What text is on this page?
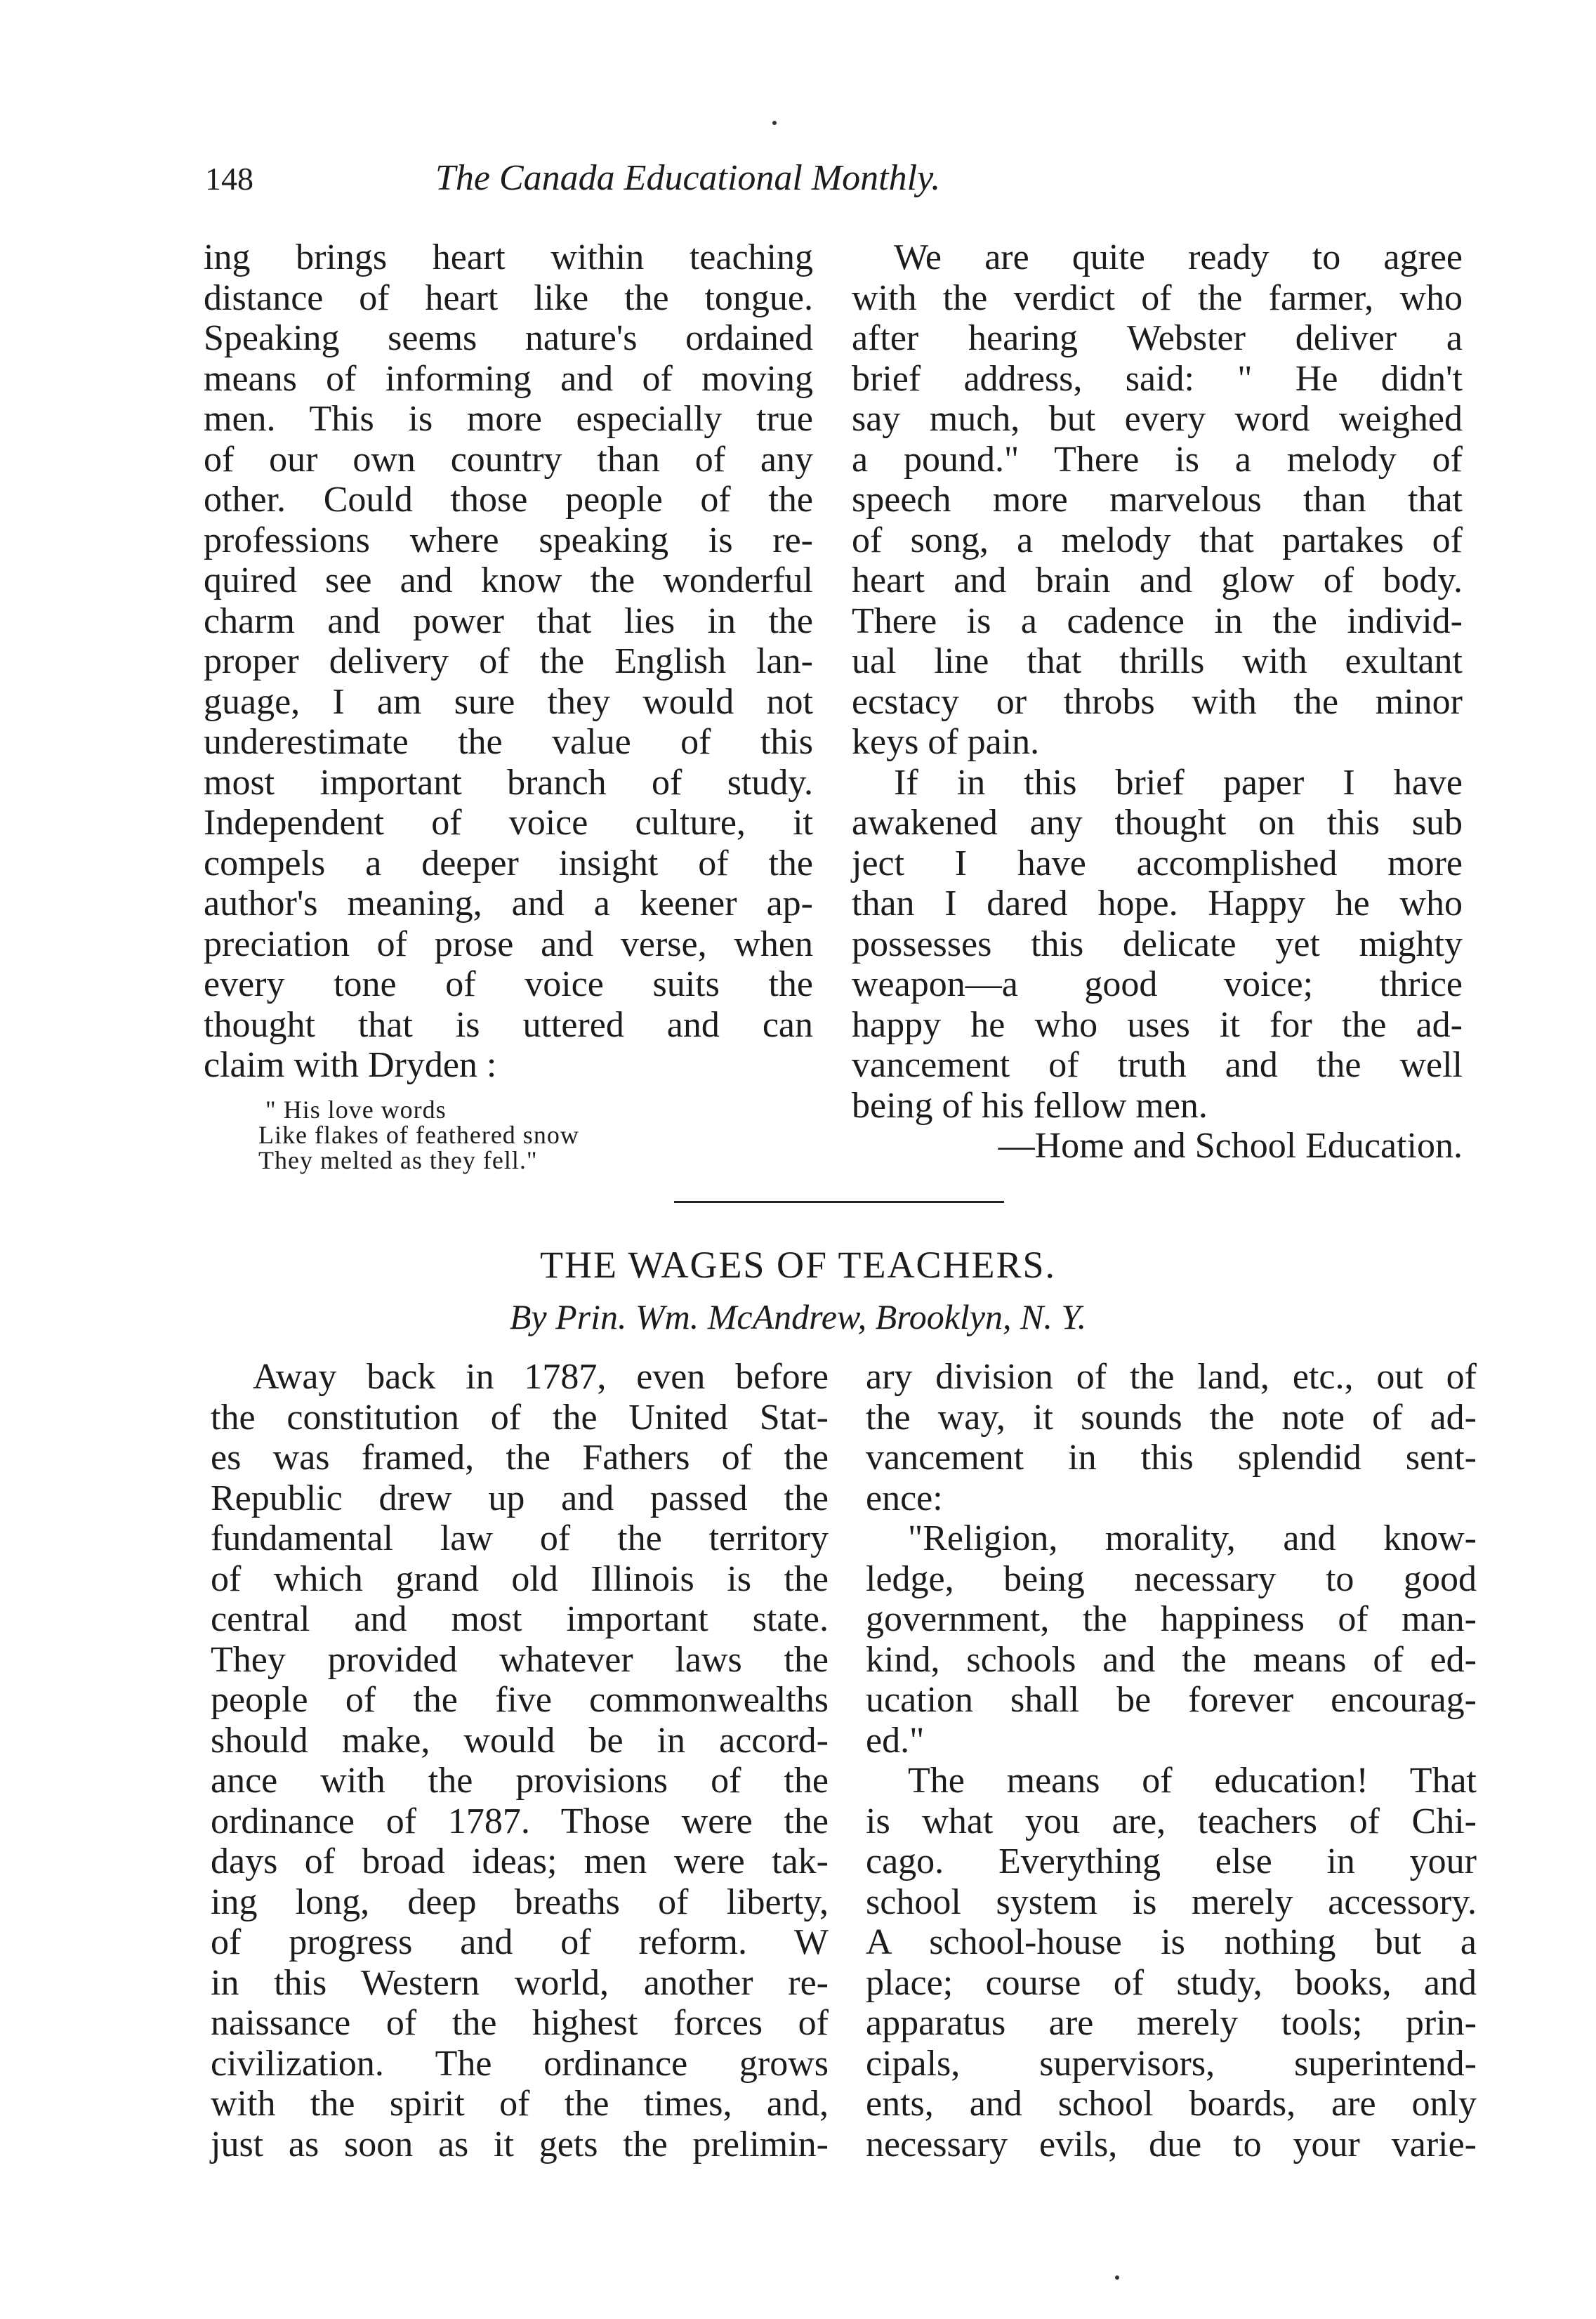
148	The Canada Educational Monthly.
ing brings heart within teaching
distance of heart like the tongue.
Speaking seems nature's ordained
means of informing and of moving
men. This is more especially true
of our own country than of any
other. Could those people of the
professions where speaking is re-
quired see and know the wonderful
charm and power that lies in the
proper delivery of the English lan-
guage, I am sure they would not
underestimate the value of this
most important branch of study.
Independent of voice culture, it
compels a deeper insight of the
author's meaning, and a keener ap-
preciation of prose and verse, when
every tone of voice suits the
thought that is uttered and can
claim with Dryden :
" His love words
Like flakes of feathered snow
They melted as they fell."
We are quite ready to agree
with the verdict of the farmer, who
after hearing Webster deliver a
brief address, said: " He didn't
say much, but every word weighed
a pound." There is a melody of
speech more marvelous than that
of song, a melody that partakes of
heart and brain and glow of body.
There is a cadence in the individ-
ual line that thrills with exultant
ecstacy or throbs with the minor
keys of pain.
If in this brief paper I have
awakened any thought on this sub
ject I have accomplished more
than I dared hope. Happy he who
possesses this delicate yet mighty
weapon—a good voice; thrice
happy he who uses it for the ad-
vancement of truth and the well
being of his fellow men.
—Home and School Education.
THE WAGES OF TEACHERS.
By Prin. Wm. McAndrew, Brooklyn, N. Y.
Away back in 1787, even before
the constitution of the United Stat-
es was framed, the Fathers of the
Republic drew up and passed the
fundamental law of the territory
of which grand old Illinois is the
central and most important state.
They provided whatever laws the
people of the five commonwealths
should make, would be in accord-
ance with the provisions of the
ordinance of 1787. Those were the
days of broad ideas; men were tak-
ing long, deep breaths of liberty,
of progress and of reform. W
in this Western world, another re-
naissance of the highest forces of
civilization. The ordinance grows
with the spirit of the times, and,
just as soon as it gets the prelimin-
ary division of the land, etc., out of
the way, it sounds the note of ad-
vancement in this splendid sent-
ence:
"Religion, morality, and know-
ledge, being necessary to good
government, the happiness of man-
kind, schools and the means of ed-
ucation shall be forever encourag-
ed."
The means of education! That
is what you are, teachers of Chi-
cago. Everything else in your
school system is merely accessory.
A school-house is nothing but a
place; course of study, books, and
apparatus are merely tools; prin-
cipals, supervisors, superintend-
ents, and school boards, are only
necessary evils, due to your varie-
